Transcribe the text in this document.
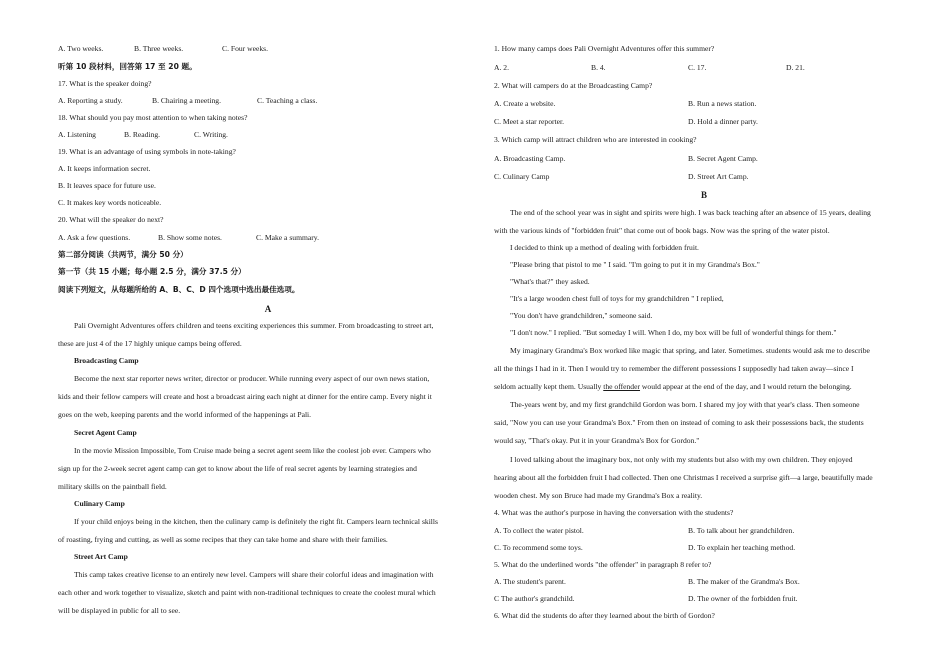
A. Two weeks.	B. Three weeks.	C. Four weeks.
听第 10 段材料，回答第 17 至 20 题。
17. What is the speaker doing?
A. Reporting a study.	B. Chairing a meeting.	C. Teaching a class.
18. What should you pay most attention to when taking notes?
A. Listening	B. Reading.	C. Writing.
19. What is an advantage of using symbols in note-taking?
A. It keeps information secret.
B. It leaves space for future use.
C. It makes key words noticeable.
20. What will the speaker do next?
A. Ask a few questions.	B. Show some notes.	C. Make a summary.
第二部分阅读（共两节，满分 50 分）
第一节（共 15 小题；每小题 2.5 分，满分 37.5 分）
阅读下列短文，从每题所给的 A、B、C、D 四个选项中选出最佳选项。
A
Pali Overnight Adventures offers children and teens exciting experiences this summer. From broadcasting to street art,
these are just 4 of the 17 highly unique camps being offered.
Broadcasting Camp
Become the next star reporter news writer, director or producer. While running every aspect of our own news station,
kids and their fellow campers will create and host a broadcast airing each night at dinner for the entire camp. Every night it
goes on the web, keeping parents and the world informed of the happenings at Pali.
Secret Agent Camp
In the movie Mission Impossible, Tom Cruise made being a secret agent seem like the coolest job ever. Campers who
sign up for the 2-week secret agent camp can get to know about the life of real secret agents by learning strategies and
military skills on the paintball field.
Culinary Camp
If your child enjoys being in the kitchen, then the culinary camp is definitely the right fit. Campers learn technical skills
of roasting, frying and cutting, as well as some recipes that they can take home and share with their families.
Street Art Camp
This camp takes creative license to an entirely new level. Campers will share their colorful ideas and imagination with
each other and work together to visualize, sketch and paint with non-traditional techniques to create the coolest mural which
will be displayed in public for all to see.
1. How many camps does Pali Overnight Adventures offer this summer?
A. 2.	B. 4.	C. 17.	D. 21.
2. What will campers do at the Broadcasting Camp?
A. Create a website.	B. Run a news station.
C. Meet a star reporter.	D. Hold a dinner party.
3. Which camp will attract children who are interested in cooking?
A. Broadcasting Camp.	B. Secret Agent Camp.
C. Culinary Camp	D. Street Art Camp.
B
The end of the school year was in sight and spirits were high. I was back teaching after an absence of 15 years, dealing
with the various kinds of "forbidden fruit" that come out of book bags. Now was the spring of the water pistol.
I decided to think up a method of dealing with forbidden fruit.
"Please bring that pistol to me " I said. "I'm going to put it in my Grandma's Box."
"What's that?" they asked.
"It's a large wooden chest full of toys for my grandchildren " I replied,
"You don't have grandchildren," someone said.
"I don't now." I replied. "But someday I will. When I do, my box will be full of wonderful things for them."
My imaginary Grandma's Box worked like magic that spring, and later. Sometimes. students would ask me to describe
all the things I had in it. Then I would try to remember the different possessions I supposedly had taken away—since I
seldom actually kept them. Usually the offender would appear at the end of the day, and I would return the belonging.
The-years went by, and my first grandchild Gordon was born. I shared my joy with that year's class. Then someone
said, "Now you can use your Grandma's Box." From then on instead of coming to ask their possessions back, the students
would say, "That's okay. Put it in your Grandma's Box for Gordon."
I loved talking about the imaginary box, not only with my students but also with my own children. They enjoyed
hearing about all the forbidden fruit I had collected. Then one Christmas I received a surprise gift—a large, beautifully made
wooden chest. My son Bruce had made my Grandma's Box a reality.
4. What was the author's purpose in having the conversation with the students?
A. To collect the water pistol.	B. To talk about her grandchildren.
C. To recommend some toys.	D. To explain her teaching method.
5. What do the underlined words "the offender" in paragraph 8 refer to?
A. The student's parent.	B. The maker of the Grandma's Box.
C The author's grandchild.	D. The owner of the forbidden fruit.
6. What did the students do after they learned about the birth of Gordon?
